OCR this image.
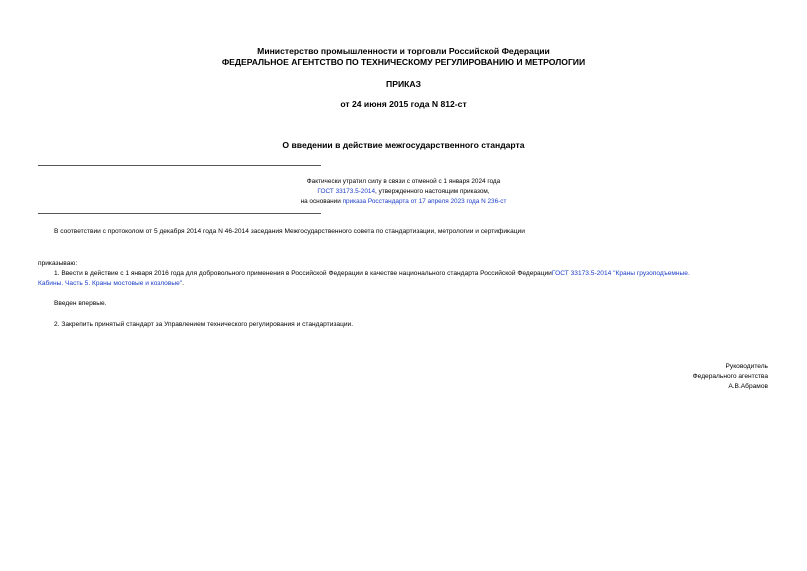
Министерство промышленности и торговли Российской Федерации
ФЕДЕРАЛЬНОЕ АГЕНТСТВО ПО ТЕХНИЧЕСКОМУ РЕГУЛИРОВАНИЮ И МЕТРОЛОГИИ
ПРИКАЗ
от 24 июня 2015 года N 812-ст
О введении в действие межгосударственного стандарта
Фактически утратил силу в связи с отменой с 1 января 2024 года
ГОСТ 33173.5-2014, утвержденного настоящим приказом,
на основании приказа Росстандарта от 17 апреля 2023 года N 236-ст
В соответствии с протоколом от 5 декабря 2014 года N 46-2014 заседания Межгосударственного совета по стандартизации, метрологии и сертификации
приказываю:
1. Ввести в действие с 1 января 2016 года для добровольного применения в Российской Федерации в качестве национального стандарта Российской ФедерацииГОСТ 33173.5-2014 "Краны грузоподъемные.
Кабины. Часть 5. Краны мостовые и козловые".
Введен впервые.
2. Закрепить принятый стандарт за Управлением технического регулирования и стандартизации.
Руководитель
Федерального агентства
А.В.Абрамов
